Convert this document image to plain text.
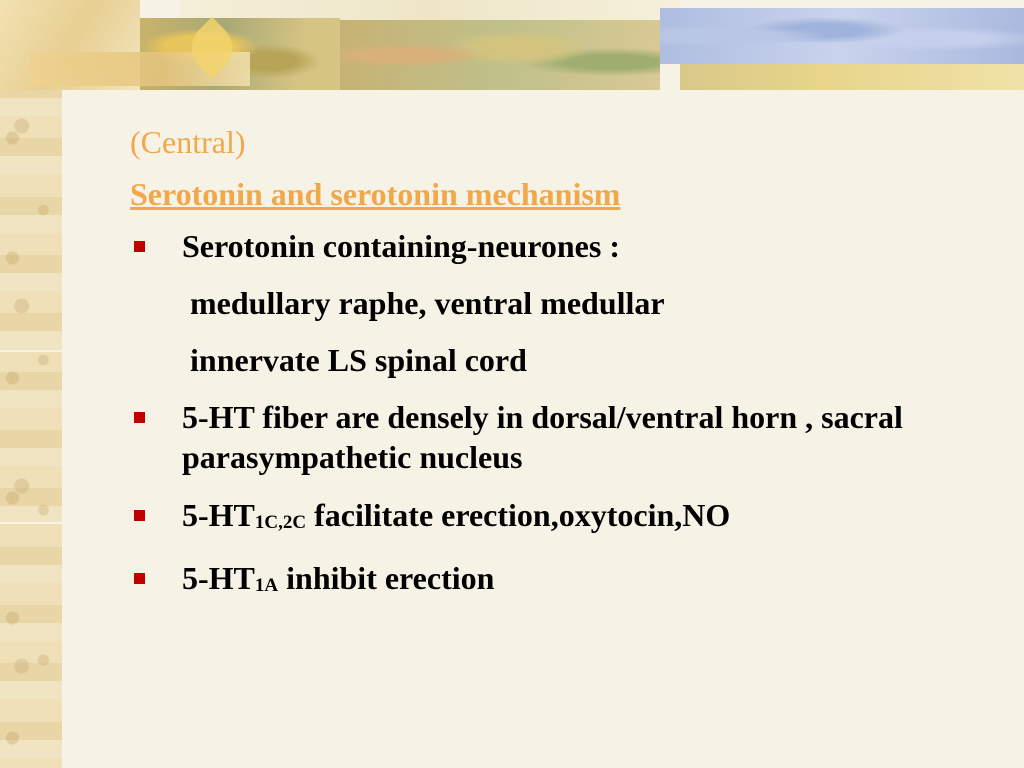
(Central)

Serotonin and serotonin mechanism

Serotonin containing-neurones :
medullary raphe, ventral medullar
innervate LS spinal cord
5-HT fiber are densely in dorsal/ventral horn , sacral parasympathetic nucleus
$5-HT_{1C,2C}$ facilitate erection,oxytocin,NO
$5-HT_{1A}$ inhibit erection
